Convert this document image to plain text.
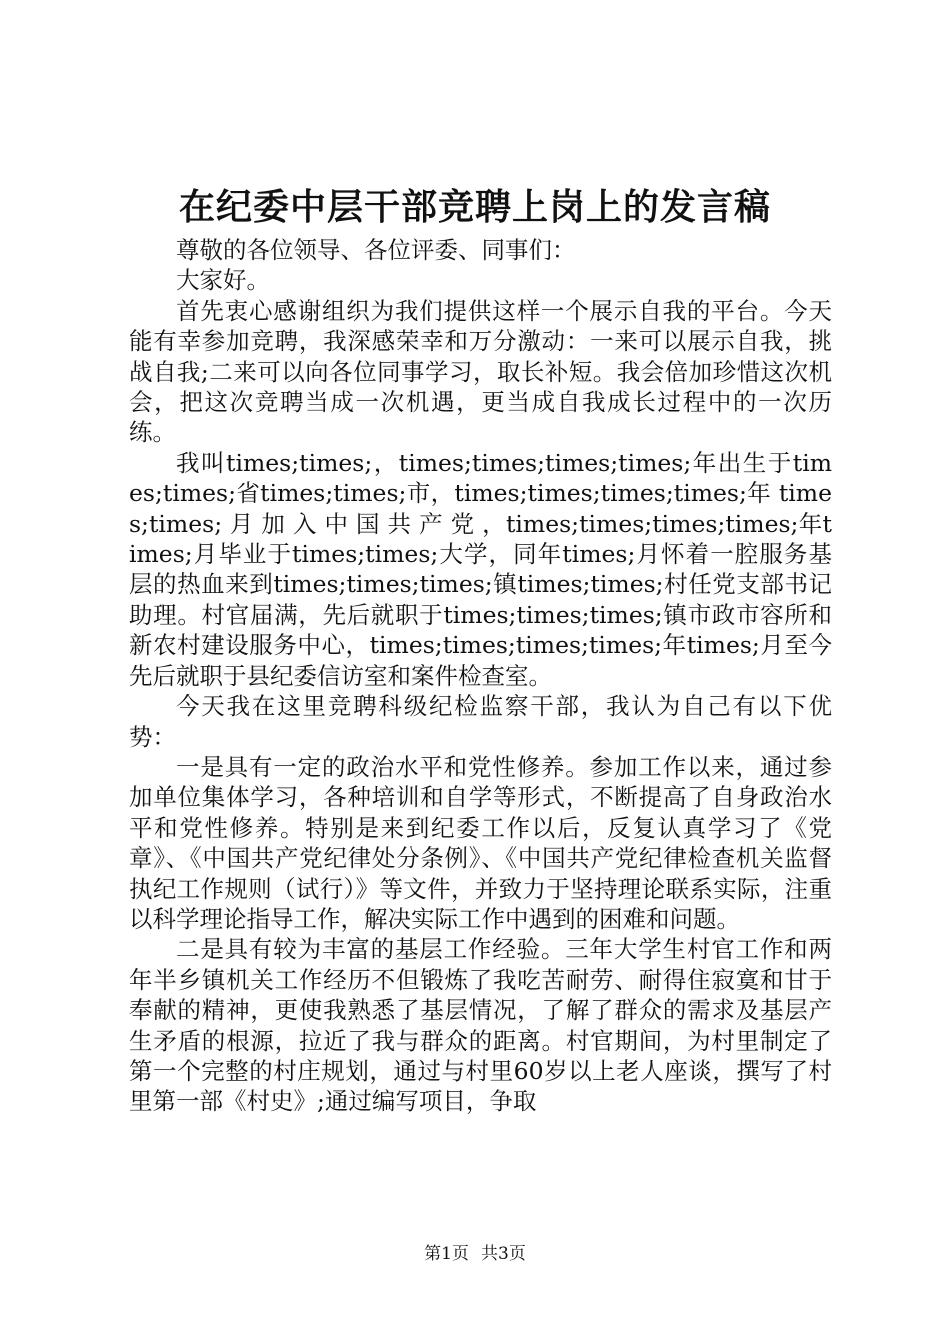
在纪委中层干部竞聘上岗上的发言稿

尊敬的各位领导、各位评委、同事们：

大家好。

首先衷心感谢组织为我们提供这样一个展示自我的平台。今天能有幸参加竞聘，我深感荣幸和万分激动：一来可以展示自我，挑战自我;二来可以向各位同事学习，取长补短。我会倍加珍惜这次机会，把这次竞聘当成一次机遇，更当成自我成长过程中的一次历练。

我叫times;times;，times;times;times;times;年出生于times;times;省times;times;市，times;times;times;times;年 times;times; 月 加 入 中 国 共 产 党 ，times;times;times;times;年times;月毕业于times;times;大学，同年times;月怀着一腔服务基层的热血来到times;times;times;镇times;times;村任党支部书记助理。村官届满，先后就职于times;times;times;镇市政市容所和新农村建设服务中心，times;times;times;times;年times;月至今先后就职于县纪委信访室和案件检查室。

今天我在这里竞聘科级纪检监察干部，我认为自己有以下优势：

一是具有一定的政治水平和党性修养。参加工作以来，通过参加单位集体学习，各种培训和自学等形式，不断提高了自身政治水平和党性修养。特别是来到纪委工作以后，反复认真学习了《党章》、《中国共产党纪律处分条例》、《中国共产党纪律检查机关监督执纪工作规则（试行）》等文件，并致力于坚持理论联系实际，注重以科学理论指导工作，解决实际工作中遇到的困难和问题。

二是具有较为丰富的基层工作经验。三年大学生村官工作和两年半乡镇机关工作经历不但锻炼了我吃苦耐劳、耐得住寂寞和甘于奉献的精神，更使我熟悉了基层情况，了解了群众的需求及基层产生矛盾的根源，拉近了我与群众的距离。村官期间，为村里制定了第一个完整的村庄规划，通过与村里60岁以上老人座谈，撰写了村里第一部《村史》;通过编写项目，争取

第1页 共3页
